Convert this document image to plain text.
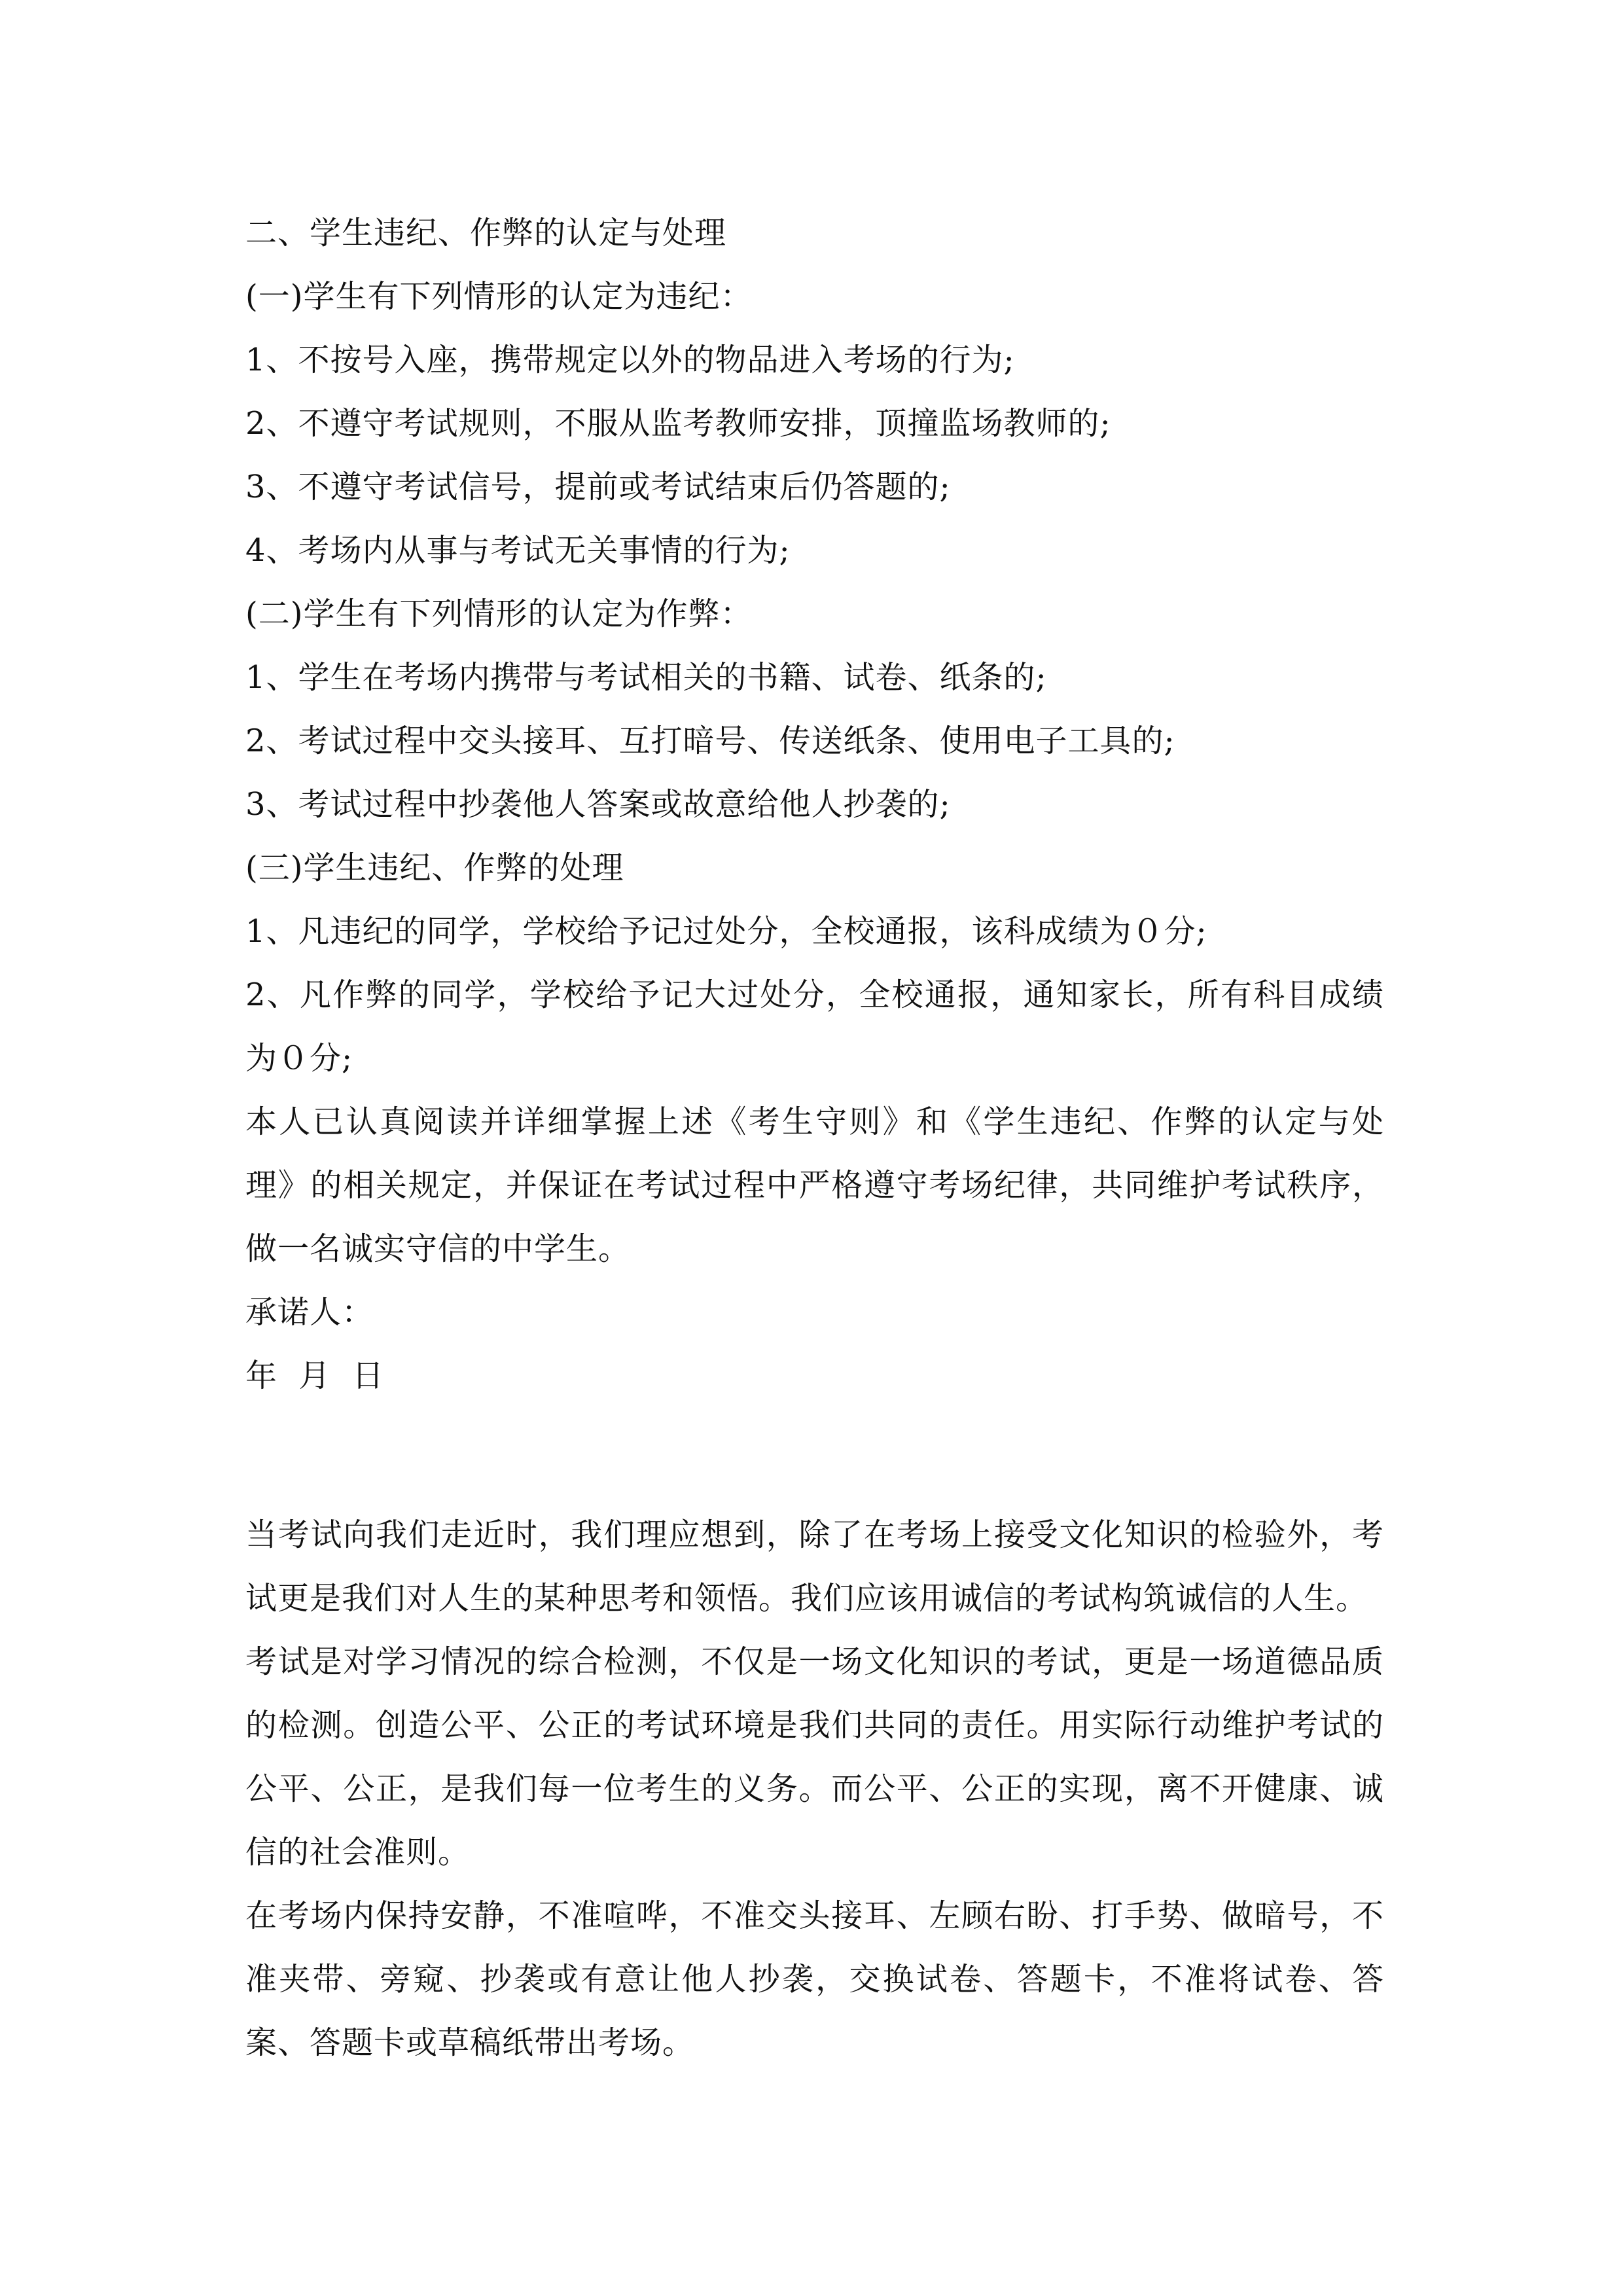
二、学生违纪、作弊的认定与处理
(一)学生有下列情形的认定为违纪：
1、不按号入座，携带规定以外的物品进入考场的行为;
2、不遵守考试规则，不服从监考教师安排，顶撞监场教师的;
3、不遵守考试信号，提前或考试结束后仍答题的;
4、考场内从事与考试无关事情的行为;
(二)学生有下列情形的认定为作弊：
1、学生在考场内携带与考试相关的书籍、试卷、纸条的;
2、考试过程中交头接耳、互打暗号、传送纸条、使用电子工具的;
3、考试过程中抄袭他人答案或故意给他人抄袭的;
(三)学生违纪、作弊的处理
1、凡违纪的同学，学校给予记过处分，全校通报，该科成绩为０分;
2、凡作弊的同学，学校给予记大过处分，全校通报，通知家长，所有科目成绩为０分;
本人已认真阅读并详细掌握上述《考生守则》和《学生违纪、作弊的认定与处理》的相关规定，并保证在考试过程中严格遵守考场纪律，共同维护考试秩序，做一名诚实守信的中学生。
承诺人：
年  月  日
当考试向我们走近时，我们理应想到，除了在考场上接受文化知识的检验外，考试更是我们对人生的某种思考和领悟。我们应该用诚信的考试构筑诚信的人生。
考试是对学习情况的综合检测，不仅是一场文化知识的考试，更是一场道德品质的检测。创造公平、公正的考试环境是我们共同的责任。用实际行动维护考试的公平、公正，是我们每一位考生的义务。而公平、公正的实现，离不开健康、诚信的社会准则。
在考场内保持安静，不准喧哗，不准交头接耳、左顾右盼、打手势、做暗号，不准夹带、旁窥、抄袭或有意让他人抄袭，交换试卷、答题卡，不准将试卷、答案、答题卡或草稿纸带出考场。
